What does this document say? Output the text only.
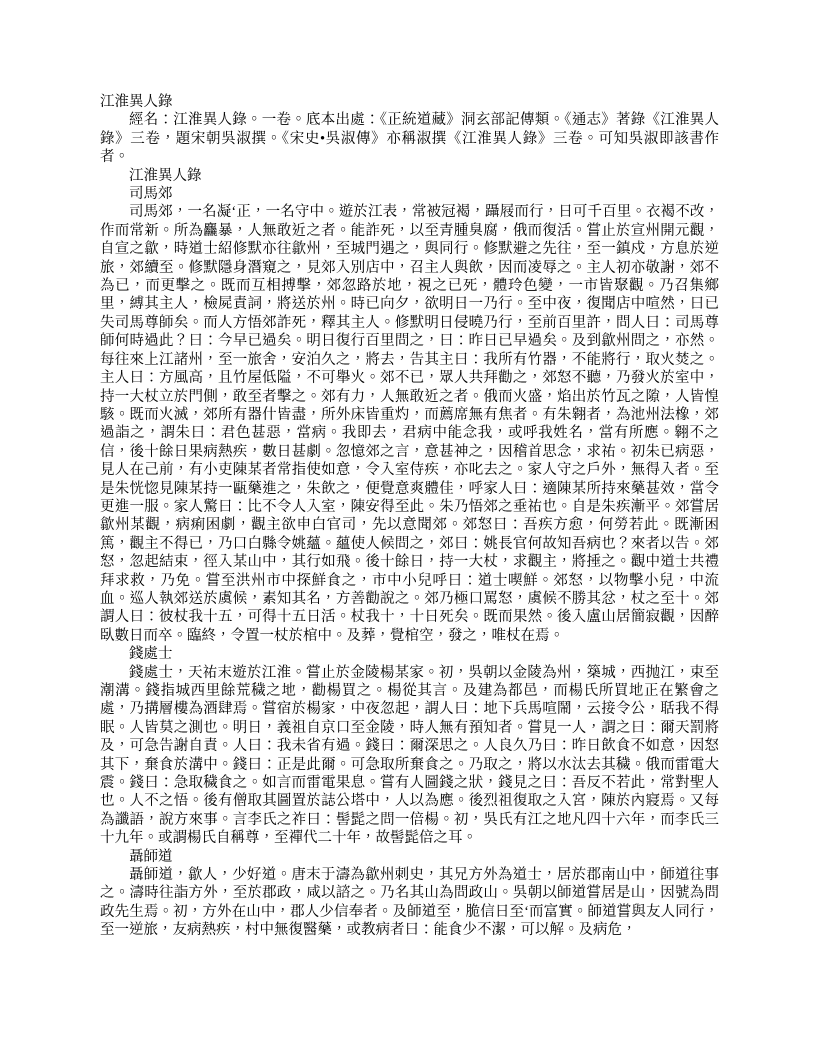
江淮異人錄

經名：江淮異人錄。一卷。底本出處：《正統道藏》洞玄部記傳類。《通志》著錄《江淮異人錄》三卷，題宋朝吳淑撰。《宋史•吳淑傳》亦稱淑撰《江淮異人錄》三卷。可知吳淑即該書作者。

江淮異人錄

司馬郊

司馬郊，一名凝‘正，一名守中。遊於江表，常被冠褐，躡屐而行，日可千百里。衣褐不改，作而常新。所為麤暴，人無敢近之者。能詐死，以至青腫臭腐，俄而復活。嘗止於宣州開元觀，自宣之歙，時道士紹修默亦往歙州，至城門遇之，與同行。修默避之先往，至一鎮戍，方息於逆旅，郊續至。修默隱身潛窺之，見郊入別店中，召主人與飲，因而凌辱之。主人初亦敬謝，郊不為已，而更擊之。既而互相搏擊，郊忽路於地，視之已死，體玲色變，一市皆聚觀。乃召集鄉里，縛其主人，檢屍責詞，將送於州。時已向夕，欲明日一乃行。至中夜，復聞店中喧然，曰已失司馬尊師矣。而人方悟郊詐死，釋其主人。修默明日侵曉乃行，至前百里許，問人曰：司馬尊師何時過此？曰：今早已過矣。明日復行百里問之，曰：昨日已早過矣。及到歙州問之，亦然。每往來上江諸州，至一旅舍，安泊久之，將去，告其主曰：我所有竹器，不能將行，取火焚之。主人曰：方風高，且竹屋低隘，不可舉火。郊不已，眾人共拜勸之，郊怒不聽，乃發火於室中，持一大杖立於門側，敢至者擊之。郊有力，人無敢近之者。俄而火盛，焰出於竹瓦之隙，人皆惶駭。既而火滅，郊所有器什皆盡，所外床皆重灼，而薦席無有焦者。有朱翱者，為池州法橡，郊過詣之，謂朱曰：君色甚惡，當病。我即去，君病中能念我，或呼我姓名，當有所應。翱不之信，後十餘日果病熱疾，數日甚劇。忽憶郊之言，意甚神之，因稽首思念，求祐。初朱已病惡，見人在己前，有小吏陳某者常指使如意，令入室侍疾，亦叱去之。家人守之戶外，無得入者。至是朱恍惚見陳某持一甌藥進之，朱飲之，便覺意爽體佳，呼家人曰：適陳某所持來藥甚效，當令更進一服。家人驚曰：比不令人入室，陳安得至此。朱乃悟郊之垂祐也。自是朱疾漸平。郊嘗居歙州某觀，病痢困劇，觀主欲申白官司，先以意聞郊。郊怒曰：吾疾方愈，何勞若此。既漸困篤，觀主不得已，乃口白縣令姚蘊。蘊使人候問之，郊曰：姚長官何故知吾病也？來者以告。郊怒，忽起結束，徑入某山中，其行如飛。後十餘日，持一大杖，求觀主，將捶之。觀中道士共禮拜求救，乃免。嘗至洪州市中探鮮食之，市中小兒呼曰：道士喫鮮。郊怒，以物擊小兒，中流血。巡人執郊送於虞候，素知其名，方善勸說之。郊乃極口罵怒，虞候不勝其忿，杖之至十。郊謂人曰：彼杖我十五，可得十五日活。杖我十，十日死矣。既而果然。後入盧山居簡寂觀，因醉臥數日而卒。臨終，令置一杖於棺中。及葬，覺棺空，發之，唯杖在焉。

錢處士

錢處士，天祐末遊於江淮。嘗止於金陵楊某家。初，吳朝以金陵為州，築城，西抛江，束至潮溝。錢指城西里餘荒穢之地，勸楊買之。楊從其言。及建為都邑，而楊氏所買地正在繁會之處，乃搆層樓為酒肆焉。嘗宿於楊家，中夜忽起，謂人曰：地下兵馬喧鬧，云接令公，聒我不得眠。人皆莫之測也。明日，義祖自京口至金陵，時人無有預知者。嘗見一人，謂之曰：爾天罰將及，可急告謝自責。人曰：我未省有過。錢曰：爾深思之。人良久乃曰：昨日飲食不如意，因怒其下，棄食於溝中。錢曰：正是此爾。可急取所棄食之。乃取之，將以水汰去其穢。俄而雷電大震。錢曰：急取穢食之。如言而雷電果息。嘗有人圖錢之狀，錢見之曰：吾反不若此，常對聖人也。人不之悟。後有僧取其圖置於誌公塔中，人以為應。後烈祖復取之入宮，陳於內寢焉。又每為讖語，說方來事。言李氏之祚曰：髻髭之問一倍楊。初，吳氏有江之地凡四十六年，而李氏三十九年。或謂楊氏自稱尊，至禪代二十年，故髻髭倍之耳。

聶師道

聶師道，歙人，少好道。唐末于濤為歙州刺史，其兄方外為道士，居於郡南山中，師道往事之。濤時往詣方外，至於郡政，咸以諮之。乃名其山為問政山。吳朝以師道嘗居是山，因號為問政先生焉。初，方外在山中，郡人少信奉者。及師道至，脆信日至‘而富實。師道嘗與友人同行，至一逆旅，友病熱疾，村中無復醫藥，或教病者曰：能食少不潔，可以解。及病危，
